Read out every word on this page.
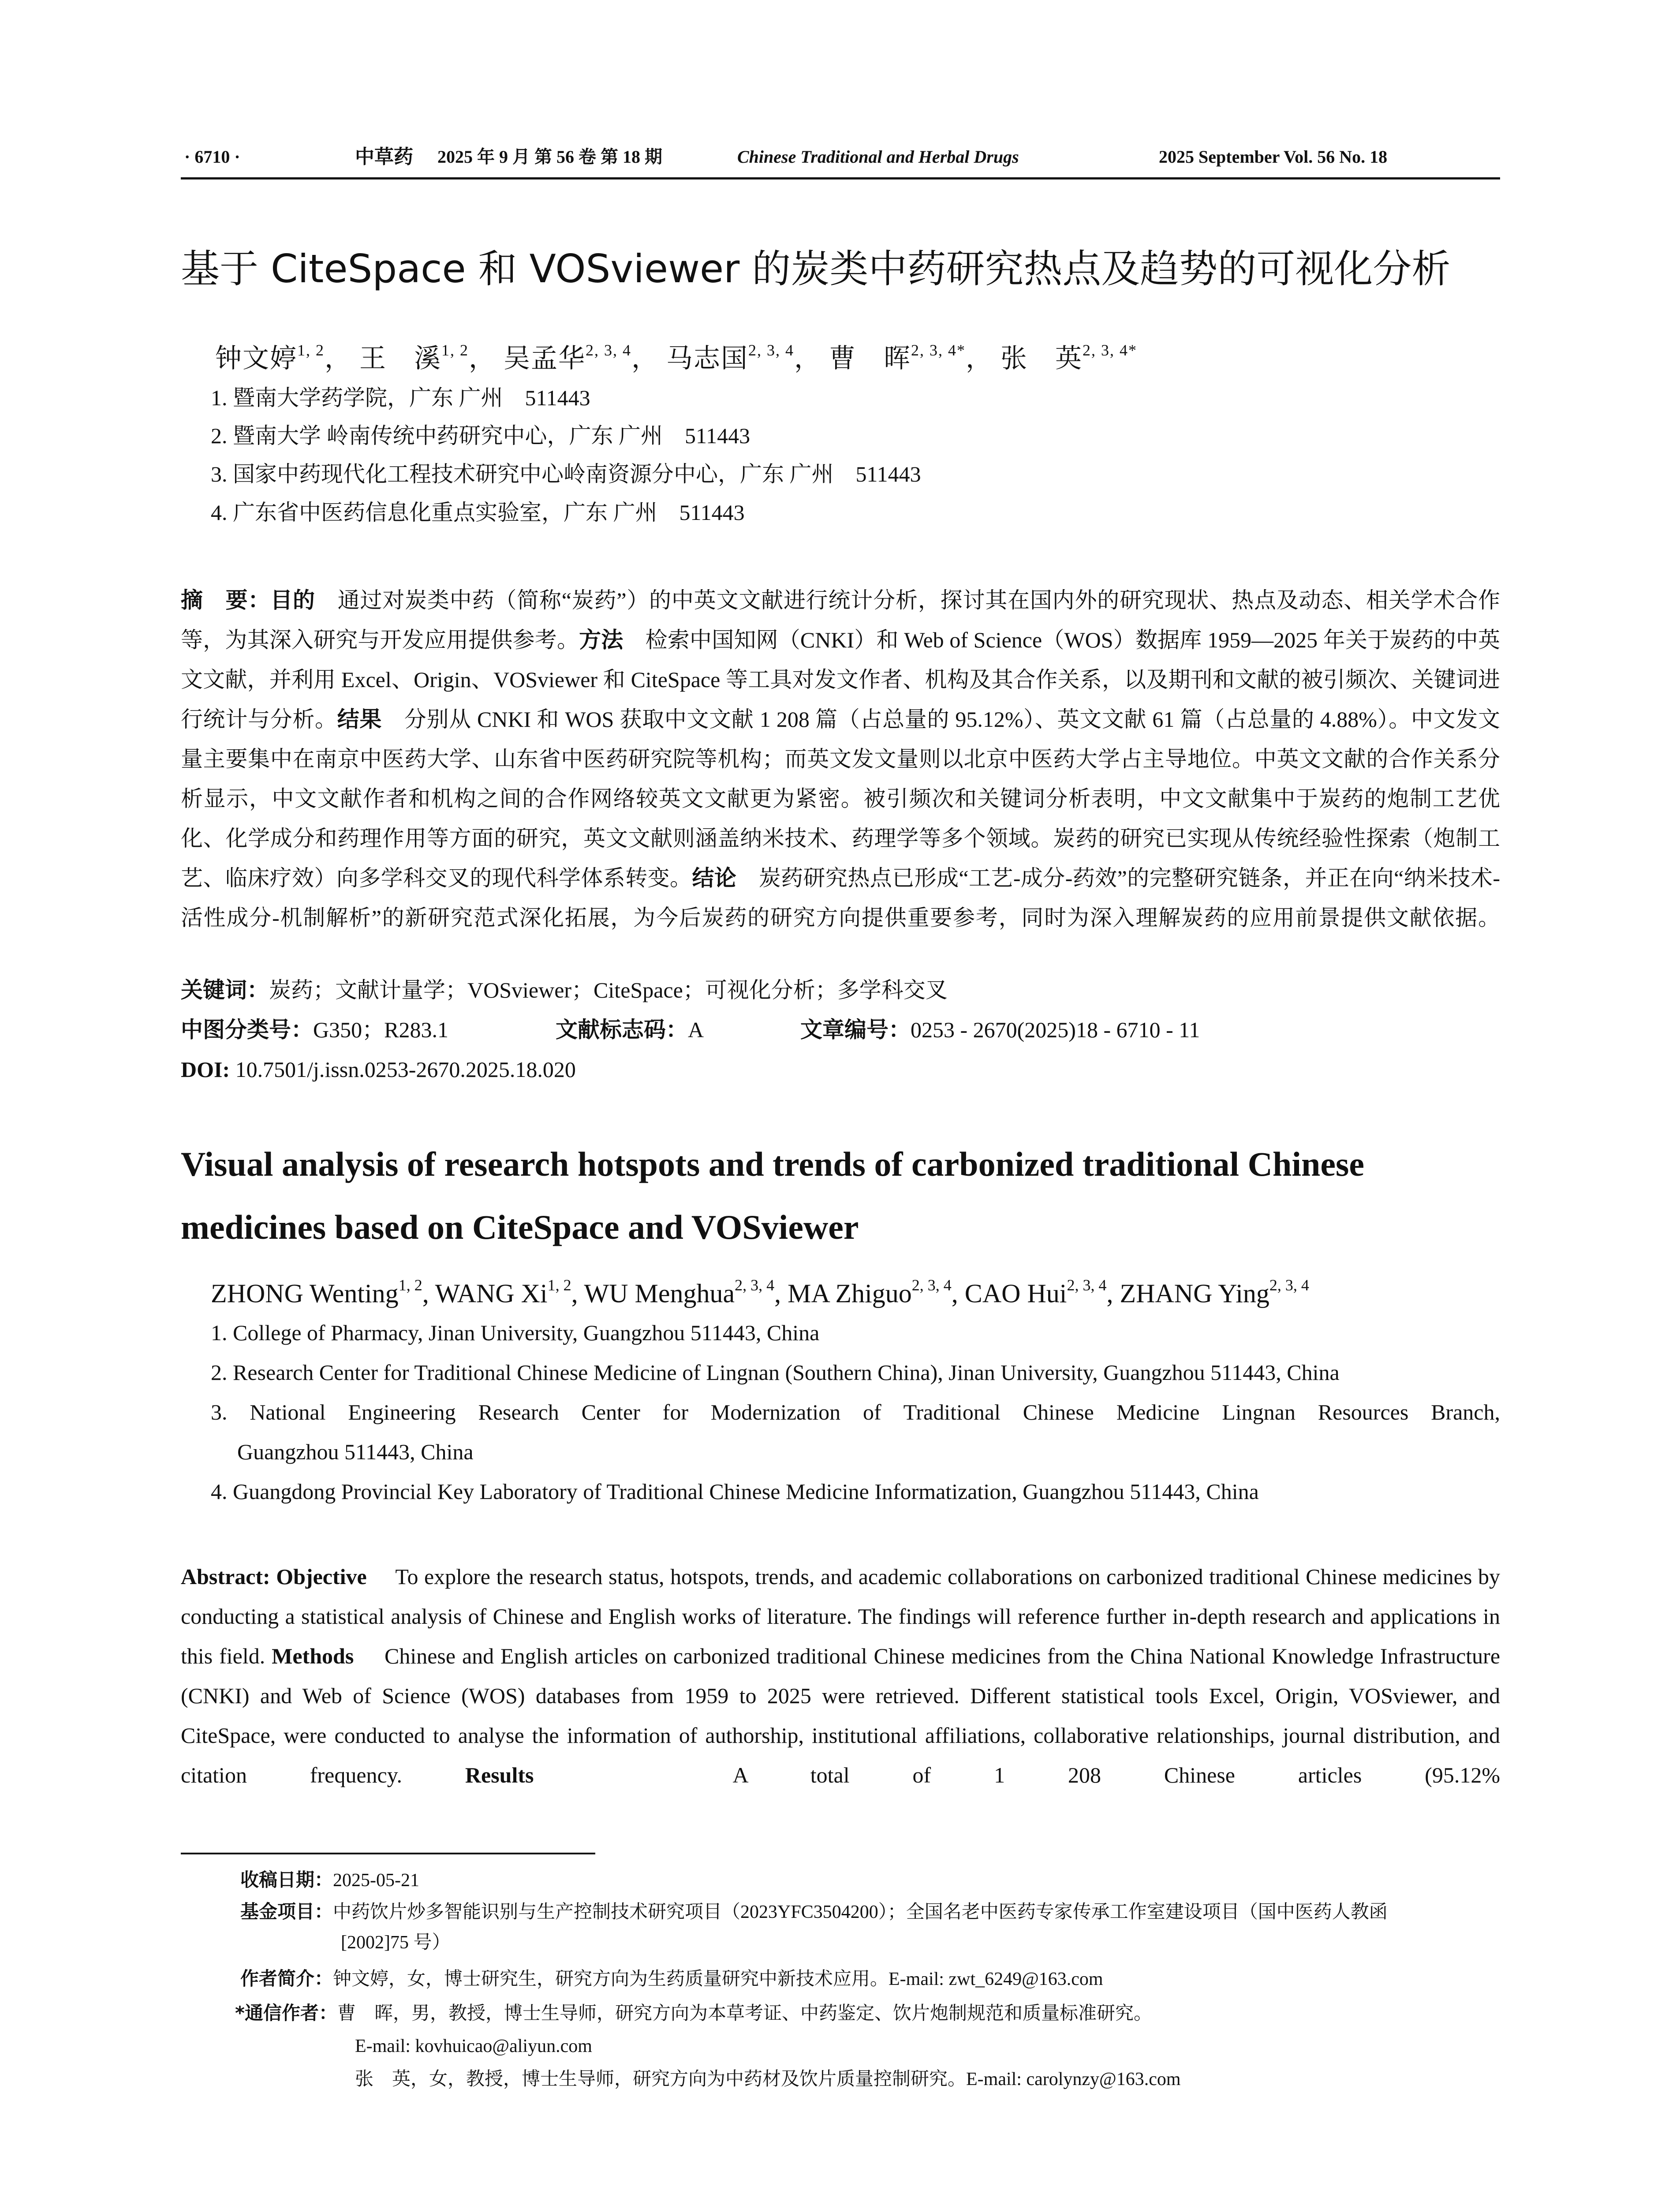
· 6710 ·	中草药 2025 年 9 月 第 56 卷 第 18 期	Chinese Traditional and Herbal Drugs	2025 September Vol. 56 No. 18
基于 CiteSpace 和 VOSviewer 的炭类中药研究热点及趋势的可视化分析
钟文婷$^{1, 2}$， 王　溪$^{1, 2}$， 吴孟华$^{2, 3, 4}$， 马志国$^{2, 3, 4}$， 曹　晖$^{2, 3, 4*}$， 张　英$^{2, 3, 4*}$
1. 暨南大学药学院，广东 广州　511443
2. 暨南大学 岭南传统中药研究中心，广东 广州　511443
3. 国家中药现代化工程技术研究中心岭南资源分中心，广东 广州　511443
4. 广东省中医药信息化重点实验室，广东 广州　511443
摘　要：目的　 通过对炭类中药（简称“炭药”）的中英文文献进行统计分析，探讨其在国内外的研究现状、热点及动态、相关学术合作等，为其深入研究与开发应用提供参考。方法　 检索中国知网（CNKI）和 Web of Science（WOS）数据库 1959—2025 年关于炭药的中英文文献，并利用 Excel、Origin、VOSviewer 和 CiteSpace 等工具对发文作者、机构及其合作关系，以及期刊和文献的被引频次、关键词进行统计与分析。结果　 分别从 CNKI 和 WOS 获取中文文献 1 208 篇（占总量的 95.12%）、英文文献 61 篇（占总量的 4.88%）。中文发文量主要集中在南京中医药大学、山东省中医药研究院等机构；而英文发文量则以北京中医药大学占主导地位。中英文文献的合作关系分析显示，中文文献作者和机构之间的合作网络较英文文献更为紧密。被引频次和关键词分析表明，中文文献集中于炭药的炮制工艺优化、化学成分和药理作用等方面的研究，英文文献则涵盖纳米技术、药理学等多个领域。炭药的研究已实现从传统经验性探索（炮制工艺、临床疗效）向多学科交叉的现代科学体系转变。结论　 炭药研究热点已形成“工艺-成分-药效”的完整研究链条，并正在向“纳米技术-活性成分-机制解析”的新研究范式深化拓展，为今后炭药的研究方向提供重要参考，同时为深入理解炭药的应用前景提供文献依据。
关键词：炭药；文献计量学；VOSviewer；CiteSpace；可视化分析；多学科交叉
中图分类号：G350；R283.1	文献标志码：A	文章编号：0253 - 2670(2025)18 - 6710 - 11
DOI: 10.7501/j.issn.0253-2670.2025.18.020
Visual analysis of research hotspots and trends of carbonized traditional Chinese medicines based on CiteSpace and VOSviewer
ZHONG Wenting$^{1, 2}$, WANG Xi$^{1, 2}$, WU Menghua$^{2, 3, 4}$, MA Zhiguo$^{2, 3, 4}$, CAO Hui$^{2, 3, 4}$, ZHANG Ying$^{2, 3, 4}$
1. College of Pharmacy, Jinan University, Guangzhou 511443, China
2. Research Center for Traditional Chinese Medicine of Lingnan (Southern China), Jinan University, Guangzhou 511443, China
3. National Engineering Research Center for Modernization of Traditional Chinese Medicine Lingnan Resources Branch,
Guangzhou 511443, China
4. Guangdong Provincial Key Laboratory of Traditional Chinese Medicine Informatization, Guangzhou 511443, China
Abstract: Objective　 To explore the research status, hotspots, trends, and academic collaborations on carbonized traditional Chinese medicines by conducting a statistical analysis of Chinese and English works of literature. The findings will reference further in-depth research and applications in this field. Methods　 Chinese and English articles on carbonized traditional Chinese medicines from the China National Knowledge Infrastructure (CNKI) and Web of Science (WOS) databases from 1959 to 2025 were retrieved. Different statistical tools Excel, Origin, VOSviewer, and CiteSpace, were conducted to analyse the information of authorship, institutional affiliations, collaborative relationships, journal distribution, and citation frequency.	Results　	A total of 1 208 Chinese articles (95.12%
收稿日期：2025-05-21
基金项目：中药饮片炒多智能识别与生产控制技术研究项目（2023YFC3504200）；全国名老中医药专家传承工作室建设项目（国中医药人教函
[2002]75 号）
作者简介：钟文婷，女，博士研究生，研究方向为生药质量研究中新技术应用。E-mail: zwt_6249@163.com
*通信作者：曹　晖，男，教授，博士生导师，研究方向为本草考证、中药鉴定、饮片炮制规范和质量标准研究。
E-mail: kovhuicao@aliyun.com
张　英，女，教授，博士生导师，研究方向为中药材及饮片质量控制研究。E-mail: carolynzy@163.com
